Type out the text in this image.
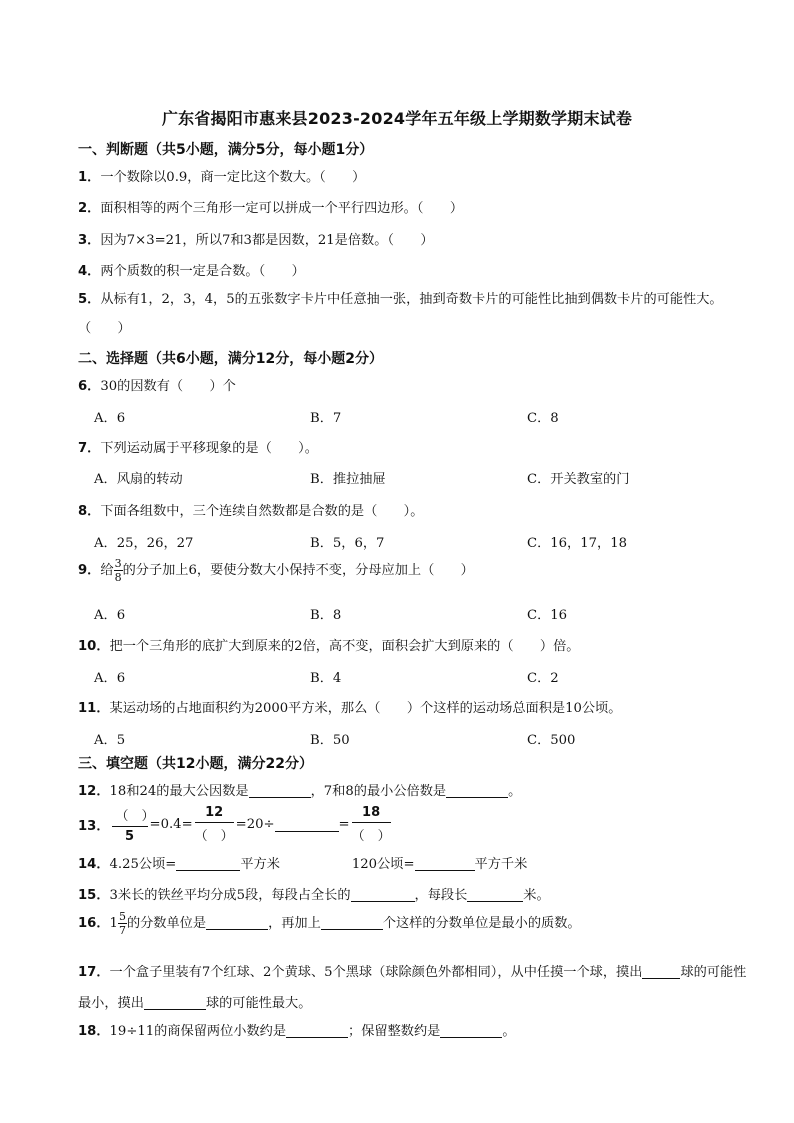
广东省揭阳市惠来县2023-2024学年五年级上学期数学期末试卷
一、判断题（共5小题，满分5分，每小题1分）
1．一个数除以0.9，商一定比这个数大。（　　）
2．面积相等的两个三角形一定可以拼成一个平行四边形。（　　）
3．因为7×3=21，所以7和3都是因数，21是倍数。（　　）
4．两个质数的积一定是合数。（　　）
5．从标有1，2，3，4，5的五张数字卡片中任意抽一张，抽到奇数卡片的可能性比抽到偶数卡片的可能性大。（　　）
二、选择题（共6小题，满分12分，每小题2分）
6．30的因数有（　　）个
A．6	B．7	C．8
7．下列运动属于平移现象的是（　　）。
A．风扇的转动	B．推拉抽屉	C．开关教室的门
8．下面各组数中，三个连续自然数都是合数的是（　　）。
A．25，26，27	B．5，6，7	C．16，17，18
9．给 $\frac{3}{8}$ 的分子加上6，要使分数大小保持不变，分母应加上（　　）
A．6	B．8	C．16
10．把一个三角形的底扩大到原来的2倍，高不变，面积会扩大到原来的（　　）倍。
A．6	B．4	C．2
11．某运动场的占地面积约为2000平方米，那么（　　）个这样的运动场总面积是10公顷。
A．5	B．50	C．500
三、填空题（共12小题，满分22分）
12．18和24的最大公因数是	，7和8的最小公倍数是	。
13．
（　）
5
=0.4=
12
（　）
=20÷	=
18
（　）
14．4.25公顷=	平方米	120公顷=	平方千米
15．3米长的铁丝平均分成5段，每段占全长的	，每段长	米。
16．$1 \frac{5}{7}$ 的分数单位是	，再加上	个这样的分数单位是最小的质数。
17．一个盒子里装有7个红球、2个黄球、5个黑球（球除颜色外都相同），从中任摸一个球，摸出	球的可能性最小，摸出	球的可能性最大。
18．19÷11的商保留两位小数约是	；保留整数约是	。
